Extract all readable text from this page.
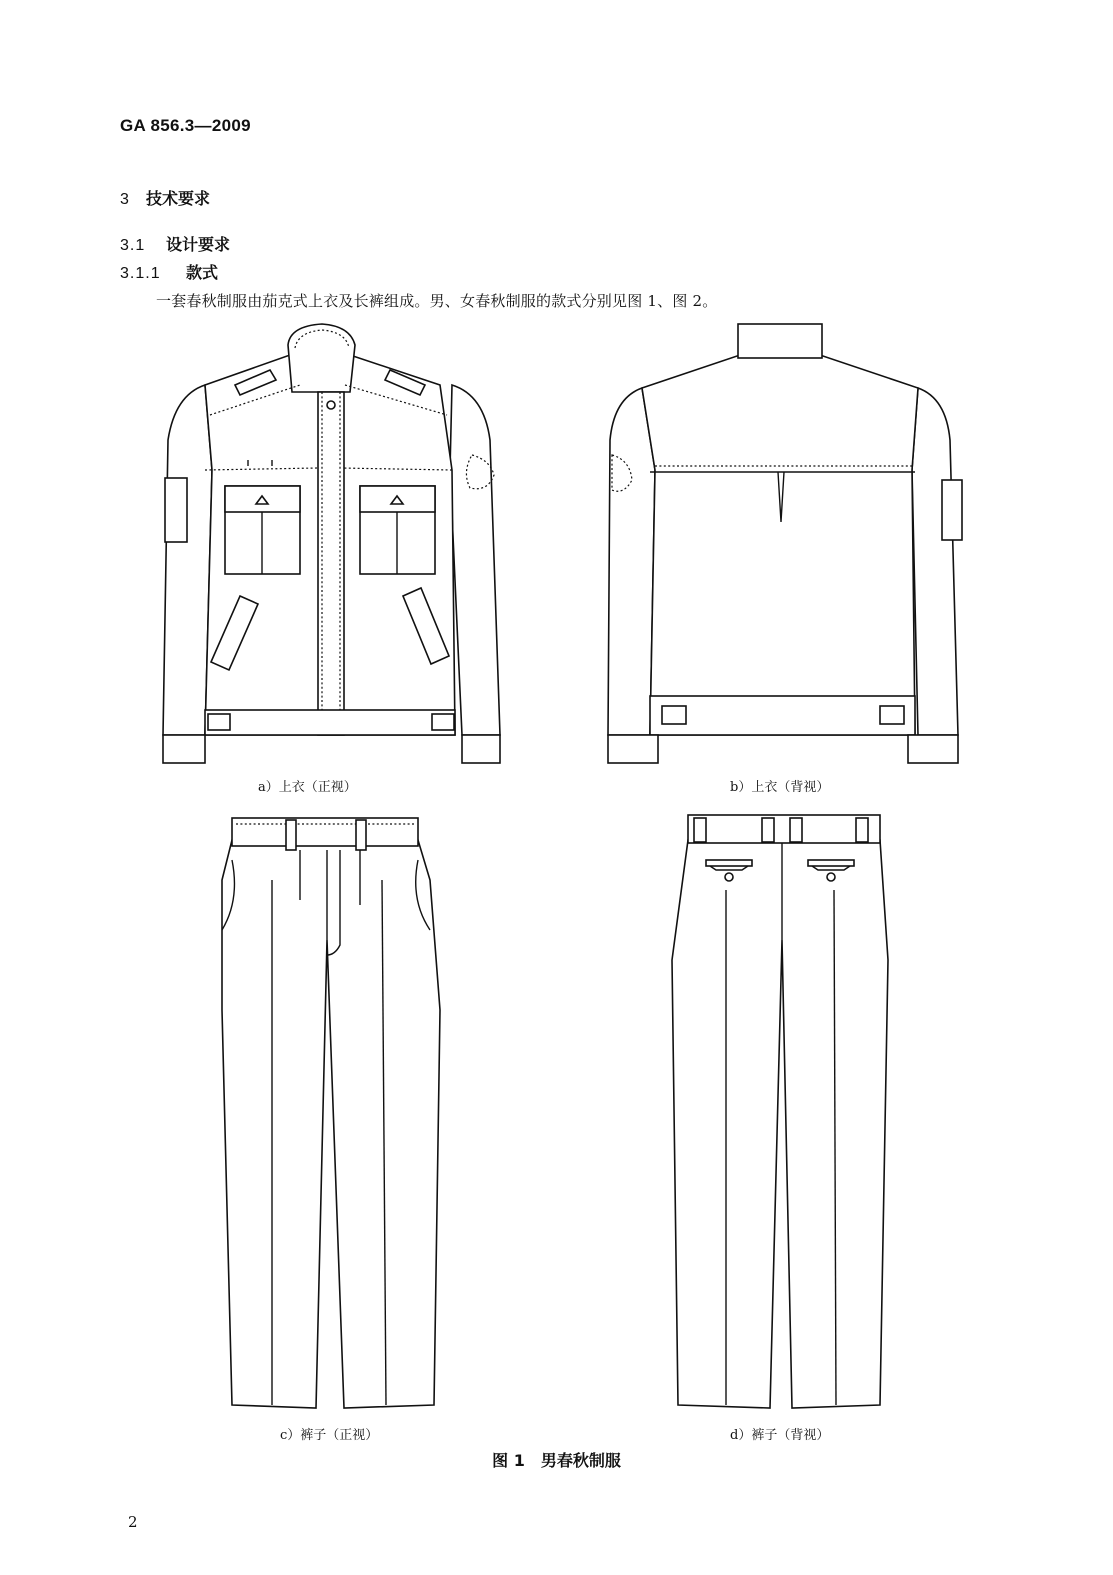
GA 856.3—2009
3 技术要求
3.1 设计要求
3.1.1 款式
一套春秋制服由茄克式上衣及长裤组成。男、女春秋制服的款式分别见图 1、图 2。
a）上衣（正视）	b）上衣（背视）
c）裤子（正视）	d）裤子（背视）
图 1　男春秋制服
2
